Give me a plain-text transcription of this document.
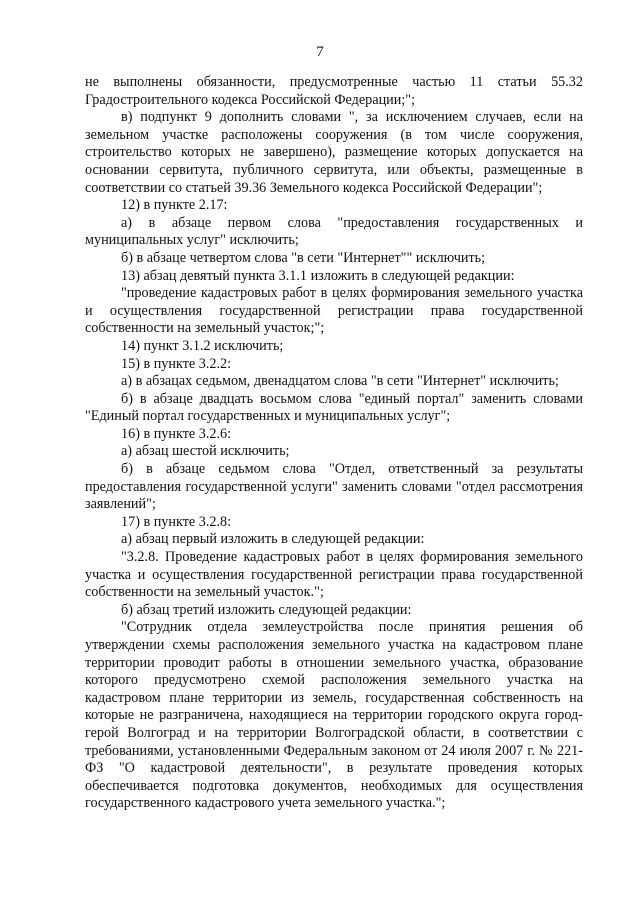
7

не выполнены обязанности, предусмотренные частью 11 статьи 55.32 Градостроительного кодекса Российской Федерации;";

в) подпункт 9 дополнить словами ", за исключением случаев, если на земельном участке расположены сооружения (в том числе сооружения, строительство которых не завершено), размещение которых допускается на основании сервитута, публичного сервитута, или объекты, размещенные в соответствии со статьей 39.36 Земельного кодекса Российской Федерации";

12) в пункте 2.17:

а) в абзаце первом слова "предоставления государственных и муниципальных услуг" исключить;

б) в абзаце четвертом слова "в сети "Интернет"" исключить;

13) абзац девятый пункта 3.1.1 изложить в следующей редакции:

"проведение кадастровых работ в целях формирования земельного участка и осуществления государственной регистрации права государственной собственности на земельный участок;";

14) пункт 3.1.2 исключить;

15) в пункте 3.2.2:

а) в абзацах седьмом, двенадцатом слова "в сети "Интернет" исключить;

б) в абзаце двадцать восьмом слова "единый портал" заменить словами "Единый портал государственных и муниципальных услуг";

16) в пункте 3.2.6:

а) абзац шестой исключить;

б) в абзаце седьмом слова "Отдел, ответственный за результаты предоставления государственной услуги" заменить словами "отдел рассмотрения заявлений";

17) в пункте 3.2.8:

а) абзац первый изложить в следующей редакции:

"3.2.8. Проведение кадастровых работ в целях формирования земельного участка и осуществления государственной регистрации права государственной собственности на земельный участок.";

б) абзац третий изложить следующей редакции:

"Сотрудник отдела землеустройства после принятия решения об утверждении схемы расположения земельного участка на кадастровом плане территории проводит работы в отношении земельного участка, образование которого предусмотрено схемой расположения земельного участка на кадастровом плане территории из земель, государственная собственность на которые не разграничена, находящиеся на территории городского округа город-герой Волгоград и на территории Волгоградской области, в соответствии с требованиями, установленными Федеральным законом от 24 июля 2007 г. № 221-ФЗ "О кадастровой деятельности", в результате проведения которых обеспечивается подготовка документов, необходимых для осуществления государственного кадастрового учета земельного участка.";
